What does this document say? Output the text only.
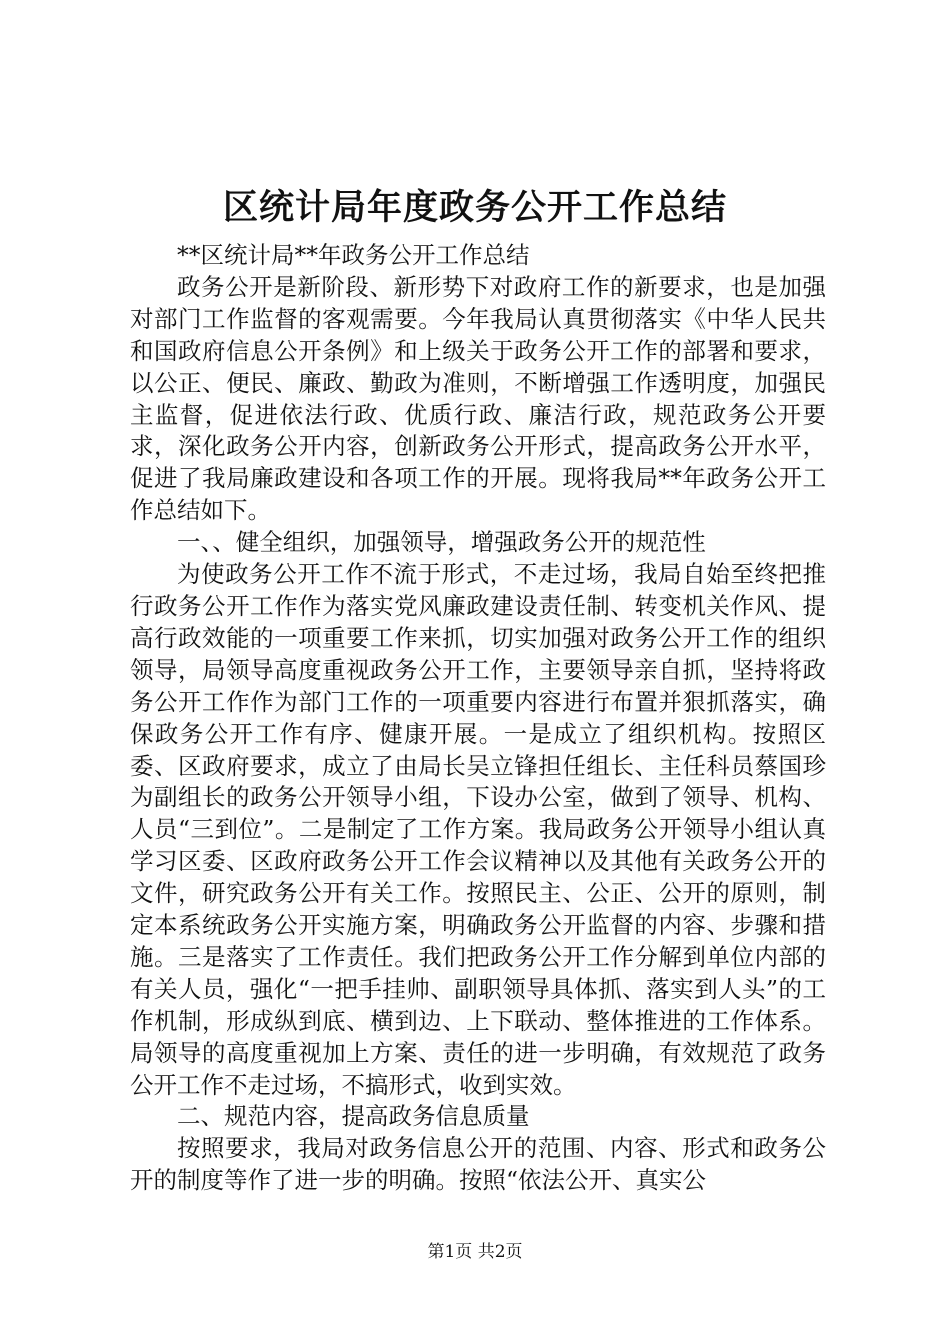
区统计局年度政务公开工作总结

**区统计局**年政务公开工作总结

政务公开是新阶段、新形势下对政府工作的新要求，也是加强对部门工作监督的客观需要。今年我局认真贯彻落实《中华人民共和国政府信息公开条例》和上级关于政务公开工作的部署和要求，以公正、便民、廉政、勤政为准则，不断增强工作透明度，加强民主监督，促进依法行政、优质行政、廉洁行政，规范政务公开要求，深化政务公开内容，创新政务公开形式，提高政务公开水平，促进了我局廉政建设和各项工作的开展。现将我局**年政务公开工作总结如下。

一、、健全组织，加强领导，增强政务公开的规范性

为使政务公开工作不流于形式，不走过场，我局自始至终把推行政务公开工作作为落实党风廉政建设责任制、转变机关作风、提高行政效能的一项重要工作来抓，切实加强对政务公开工作的组织领导，局领导高度重视政务公开工作，主要领导亲自抓，坚持将政务公开工作作为部门工作的一项重要内容进行布置并狠抓落实，确保政务公开工作有序、健康开展。一是成立了组织机构。按照区委、区政府要求，成立了由局长吴立锋担任组长、主任科员蔡国珍为副组长的政务公开领导小组，下设办公室，做到了领导、机构、人员“三到位”。二是制定了工作方案。我局政务公开领导小组认真学习区委、区政府政务公开工作会议精神以及其他有关政务公开的文件，研究政务公开有关工作。按照民主、公正、公开的原则，制定本系统政务公开实施方案，明确政务公开监督的内容、步骤和措施。三是落实了工作责任。我们把政务公开工作分解到单位内部的有关人员，强化“一把手挂帅、副职领导具体抓、落实到人头”的工作机制，形成纵到底、横到边、上下联动、整体推进的工作体系。局领导的高度重视加上方案、责任的进一步明确，有效规范了政务公开工作不走过场，不搞形式，收到实效。

二、规范内容，提高政务信息质量

按照要求，我局对政务信息公开的范围、内容、形式和政务公开的制度等作了进一步的明确。按照“依法公开、真实公

第1页 共2页
